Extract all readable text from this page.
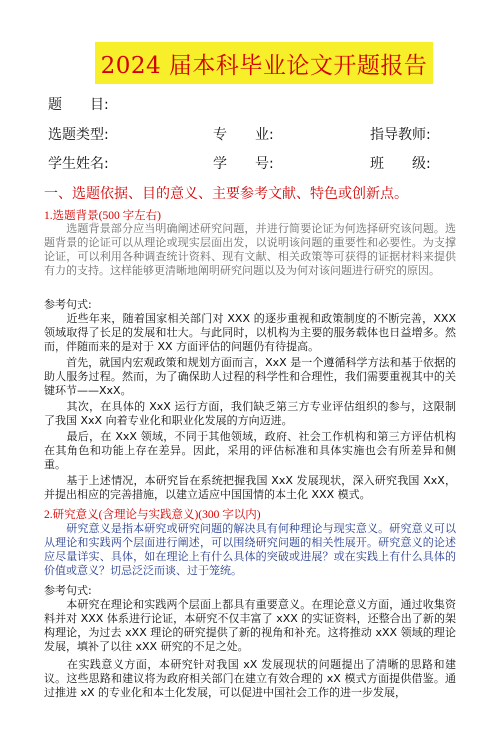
2024 届本科毕业论文开题报告
题　　目:
选题类型:	专　　业:	指导教师:
学生姓名:	学　　号:	班　　级:
一、选题依据、目的意义、主要参考文献、特色或创新点。
1.选题背景(500 字左右)
　　选题背景部分应当明确阐述研究问题，并进行简要论证为何选择研究该问题。选题背景的论证可以从理论或现实层面出发，以说明该问题的重要性和必要性。为支撑论证，可以利用各种调查统计资料、现有文献、相关政策等可获得的证据材料来提供有力的支持。这样能够更清晰地阐明研究问题以及为何对该问题进行研究的原因。
参考句式:
　　近些年来，随着国家相关部门对 XXX 的逐步重视和政策制度的不断完善，XXX 领域取得了长足的发展和壮大。与此同时，以机构为主要的服务载体也日益增多。然而，伴随而来的是对于 XX 方面评估的问题仍有待提高。
　　首先，就国内宏观政策和规划方面而言，XxX 是一个遵循科学方法和基于依据的助人服务过程。然而，为了确保助人过程的科学性和合理性，我们需要重视其中的关键环节——XxX。
　　其次，在具体的 XxX 运行方面，我们缺乏第三方专业评估组织的参与，这限制了我国 XxX 向着专业化和职业化发展的方向迈进。
　　最后，在 XxX 领域，不同于其他领域，政府、社会工作机构和第三方评估机构在其角色和功能上存在差异。因此，采用的评估标准和具体实施也会有所差异和侧重。
　　基于上述情况，本研究旨在系统把握我国 XxX 发展现状，深入研究我国 XxX，并提出相应的完善措施，以建立适应中国国情的本土化 XXX 模式。
2.研究意义(含理论与实践意义)(300 字以内)
　　研究意义是指本研究或研究问题的解决具有何种理论与现实意义。研究意义可以从理论和实践两个层面进行阐述，可以围绕研究问题的相关性展开。研究意义的论述应尽量详实、具体，如在理论上有什么具体的突破或进展？或在实践上有什么具体的价值或意义？切忌泛泛而谈、过于笼统。
参考句式:
　　本研究在理论和实践两个层面上都具有重要意义。在理论意义方面，通过收集资料并对 XXX 体系进行论证，本研究不仅丰富了 xXX 的实证资料，还整合出了新的架构理论，为过去 xXX 理论的研究提供了新的视角和补充。这将推动 xXX 领域的理论发展，填补了以往 xXX 研究的不足之处。
　　在实践意义方面，本研究针对我国 xX 发展现状的问题提出了清晰的思路和建议。这些思路和建议将为政府相关部门在建立有效合理的 xX 模式方面提供借鉴。通过推进 xX 的专业化和本土化发展，可以促进中国社会工作的进一步发展，
